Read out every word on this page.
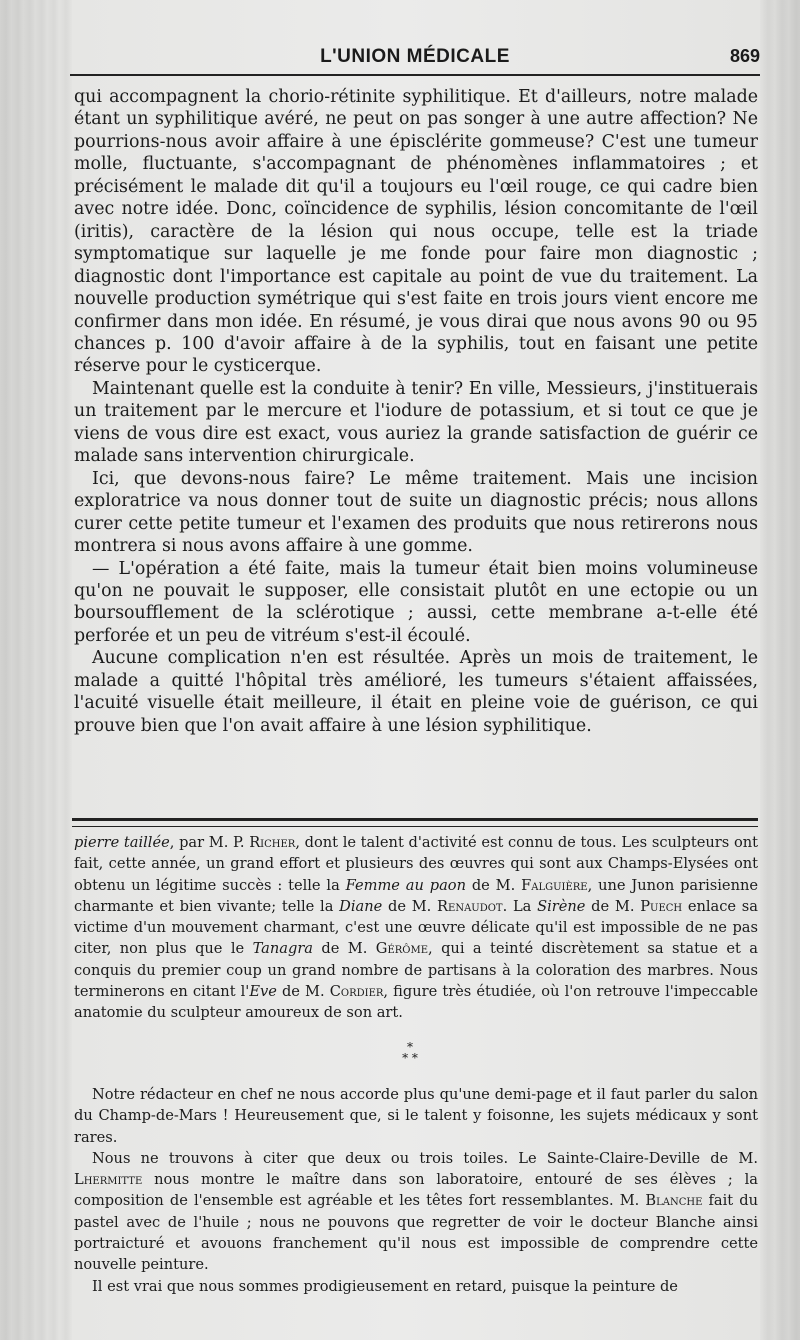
L'UNION MÉDICALE	869

qui accompagnent la chorio-rétinite syphilitique. Et d'ailleurs, notre malade étant un syphilitique avéré, ne peut on pas songer à une autre affection? Ne pourrions-nous avoir affaire à une épisclérite gommeuse? C'est une tumeur molle, fluctuante, s'accompagnant de phénomènes inflammatoires ; et précisément le malade dit qu'il a toujours eu l'œil rouge, ce qui cadre bien avec notre idée. Donc, coïncidence de syphilis, lésion concomitante de l'œil (iritis), caractère de la lésion qui nous occupe, telle est la triade symptomatique sur laquelle je me fonde pour faire mon diagnostic ; diagnostic dont l'importance est capitale au point de vue du traitement. La nouvelle production symétrique qui s'est faite en trois jours vient encore me confirmer dans mon idée. En résumé, je vous dirai que nous avons 90 ou 95 chances p. 100 d'avoir affaire à de la syphilis, tout en faisant une petite réserve pour le cysticerque.

Maintenant quelle est la conduite à tenir? En ville, Messieurs, j'instituerais un traitement par le mercure et l'iodure de potassium, et si tout ce que je viens de vous dire est exact, vous auriez la grande satisfaction de guérir ce malade sans intervention chirurgicale.

Ici, que devons-nous faire? Le même traitement. Mais une incision exploratrice va nous donner tout de suite un diagnostic précis; nous allons curer cette petite tumeur et l'examen des produits que nous retirerons nous montrera si nous avons affaire à une gomme.

— L'opération a été faite, mais la tumeur était bien moins volumineuse qu'on ne pouvait le supposer, elle consistait plutôt en une ectopie ou un boursoufflement de la sclérotique ; aussi, cette membrane a-t-elle été perforée et un peu de vitréum s'est-il écoulé.

Aucune complication n'en est résultée. Après un mois de traitement, le malade a quitté l'hôpital très amélioré, les tumeurs s'étaient affaissées, l'acuité visuelle était meilleure, il était en pleine voie de guérison, ce qui prouve bien que l'on avait affaire à une lésion syphilitique.

pierre taillée, par M. P. Richer, dont le talent d'activité est connu de tous. Les sculpteurs ont fait, cette année, un grand effort et plusieurs des œuvres qui sont aux Champs-Elysées ont obtenu un légitime succès : telle la Femme au paon de M. Falguière, une Junon parisienne charmante et bien vivante; telle la Diane de M. Renaudot. La Sirène de M. Puech enlace sa victime d'un mouvement charmant, c'est une œuvre délicate qu'il est impossible de ne pas citer, non plus que le Tanagra de M. Gérôme, qui a teinté discrètement sa statue et a conquis du premier coup un grand nombre de partisans à la coloration des marbres. Nous terminerons en citant l'Eve de M. Cordier, figure très étudiée, où l'on retrouve l'impeccable anatomie du sculpteur amoureux de son art.

*
* *

Notre rédacteur en chef ne nous accorde plus qu'une demi-page et il faut parler du salon du Champ-de-Mars ! Heureusement que, si le talent y foisonne, les sujets médicaux y sont rares.

Nous ne trouvons à citer que deux ou trois toiles. Le Sainte-Claire-Deville de M. Lhermitte nous montre le maître dans son laboratoire, entouré de ses élèves ; la composition de l'ensemble est agréable et les têtes fort ressemblantes. M. Blanche fait du pastel avec de l'huile ; nous ne pouvons que regretter de voir le docteur Blanche ainsi portraicturé et avouons franchement qu'il nous est impossible de comprendre cette nouvelle peinture.

Il est vrai que nous sommes prodigieusement en retard, puisque la peinture de
